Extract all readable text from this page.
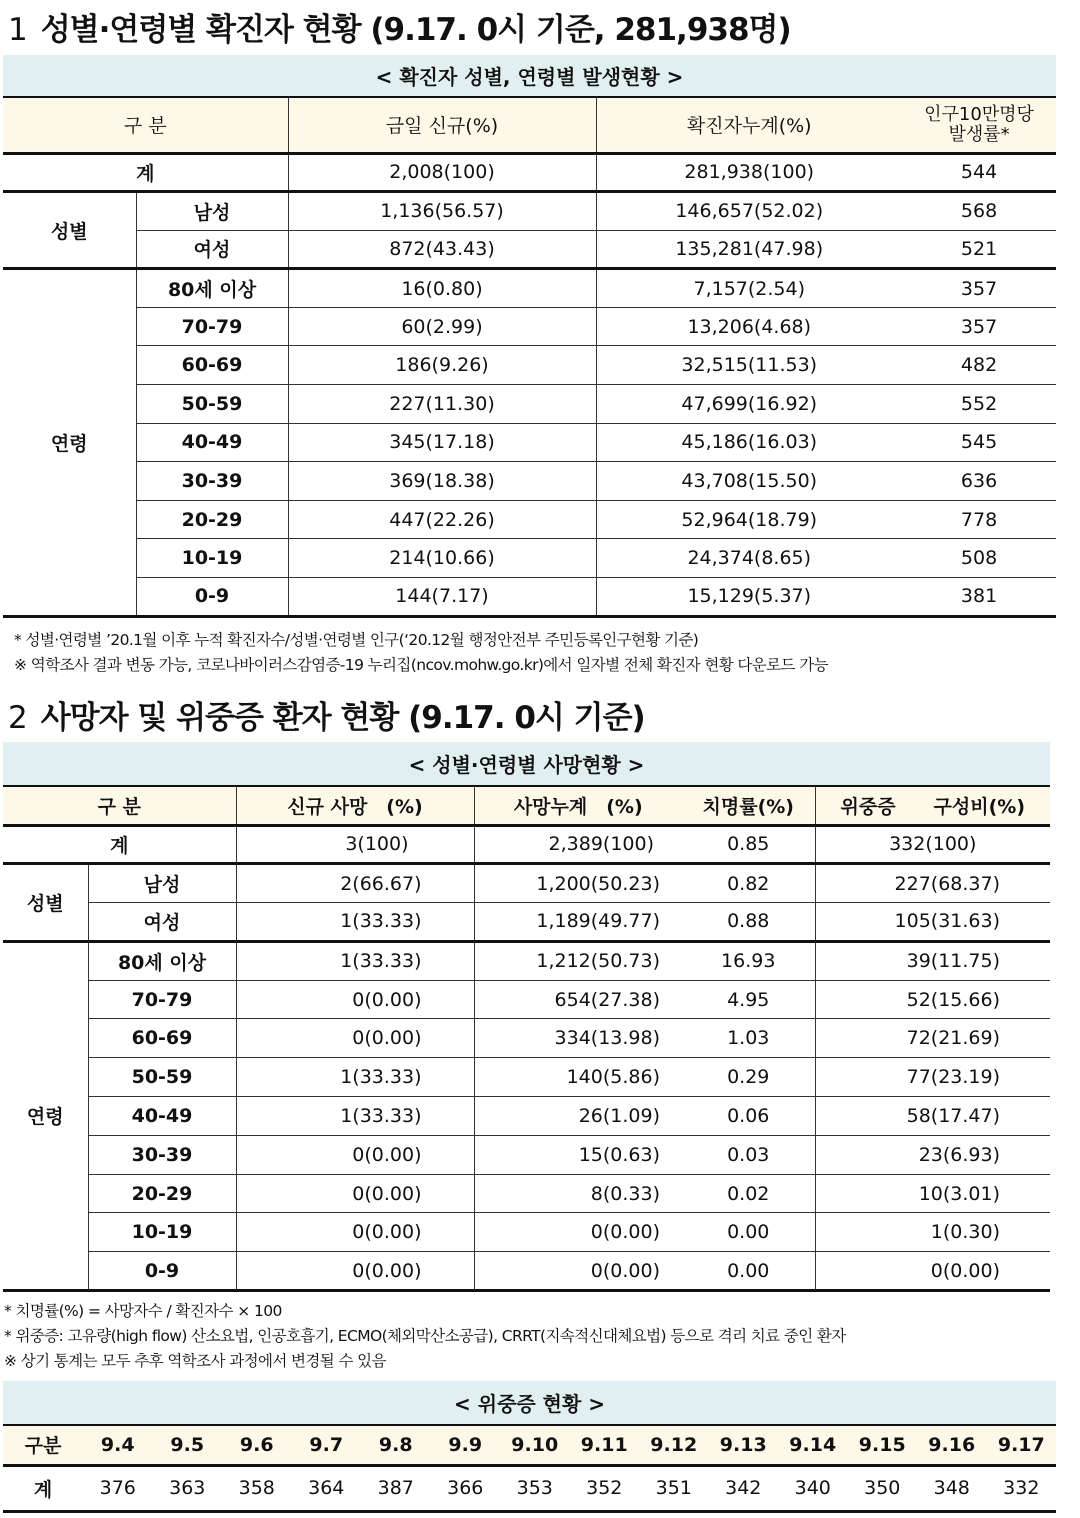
1 성별·연령별 확진자 현황 (9.17. 0시 기준, 281,938명)
< 확진자 성별, 연령별 발생현황 >				
구 분		금일 신규(%)	확진자누계(%)	인구10만명당
발생률*

계		2,008(100)	281,938(100)	544
성별	남성	1,136(56.57)	146,657(52.02)	568
	여성	872(43.43)	135,281(47.98)	521
연령	80세 이상	16(0.80)	7,157(2.54)	357
	70-79	60(2.99)	13,206(4.68)	357
	60-69	186(9.26)	32,515(11.53)	482
	50-59	227(11.30)	47,699(16.92)	552
	40-49	345(17.18)	45,186(16.03)	545
	30-39	369(18.38)	43,708(15.50)	636
	20-29	447(22.26)	52,964(18.79)	778
	10-19	214(10.66)	24,374(8.65)	508
	0-9	144(7.17)	15,129(5.37)	381
* 성별·연령별 ’20.1월 이후 누적 확진자수/성별·연령별 인구(‘20.12월 행정안전부 주민등록인구현황 기준)
※ 역학조사 결과 변동 가능, 코로나바이러스감염증-19 누리집(ncov.mohw.go.kr)에서 일자별 전체 확진자 현황 다운로드 가능
2 사망자 및 위중증 환자 현황 (9.17. 0시 기준)
< 성별·연령별 사망현황 >					
구 분		신규 사망　(%)	사망누계　(%)	치명률(%)	위중증　　구성비(%)
계		3(100)	2,389(100)	0.85	332(100)
성별	남성	2(66.67)	1,200(50.23)	0.82	227(68.37)
	여성	1(33.33)	1,189(49.77)	0.88	105(31.63)
연령	80세 이상	1(33.33)	1,212(50.73)	16.93	39(11.75)
	70-79	0(0.00)	654(27.38)	4.95	52(15.66)
	60-69	0(0.00)	334(13.98)	1.03	72(21.69)
	50-59	1(33.33)	140(5.86)	0.29	77(23.19)
	40-49	1(33.33)	26(1.09)	0.06	58(17.47)
	30-39	0(0.00)	15(0.63)	0.03	23(6.93)
	20-29	0(0.00)	8(0.33)	0.02	10(3.01)
	10-19	0(0.00)	0(0.00)	0.00	1(0.30)
	0-9	0(0.00)	0(0.00)	0.00	0(0.00)
* 치명률(%) = 사망자수 / 확진자수 × 100
* 위중증: 고유량(high flow) 산소요법, 인공호흡기, ECMO(체외막산소공급), CRRT(지속적신대체요법) 등으로 격리 치료 중인 환자
※ 상기 통계는 모두 추후 역학조사 과정에서 변경될 수 있음
< 위중증 현황 >														
구분	9.4	9.5	9.6	9.7	9.8	9.9	9.10	9.11	9.12	9.13	9.14	9.15	9.16	9.17
계	376	363	358	364	387	366	353	352	351	342	340	350	348	332
